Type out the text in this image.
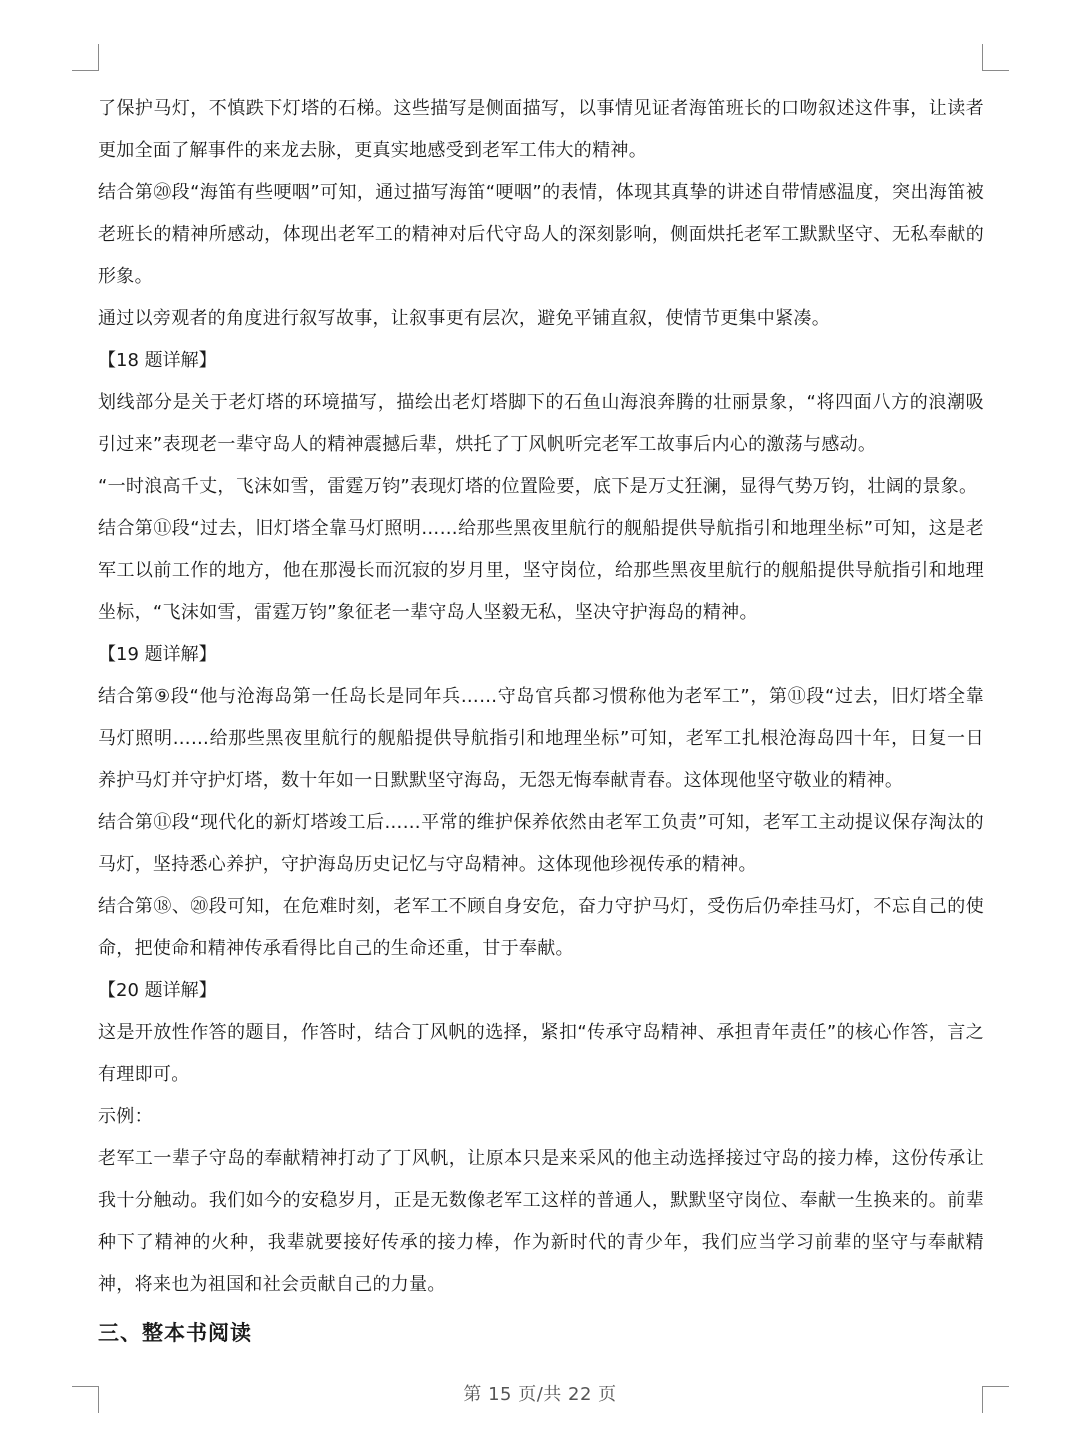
了保护马灯，不慎跌下灯塔的石梯。这些描写是侧面描写，以事情见证者海笛班长的口吻叙述这件事，让读者更加全面了解事件的来龙去脉，更真实地感受到老军工伟大的精神。

结合第⑳段“海笛有些哽咽”可知，通过描写海笛“哽咽”的表情，体现其真挚的讲述自带情感温度，突出海笛被老班长的精神所感动，体现出老军工的精神对后代守岛人的深刻影响，侧面烘托老军工默默坚守、无私奉献的形象。

通过以旁观者的角度进行叙写故事，让叙事更有层次，避免平铺直叙，使情节更集中紧凑。

【18 题详解】

划线部分是关于老灯塔的环境描写，描绘出老灯塔脚下的石鱼山海浪奔腾的壮丽景象，“将四面八方的浪潮吸引过来”表现老一辈守岛人的精神震撼后辈，烘托了丁风帆听完老军工故事后内心的激荡与感动。

“一时浪高千丈，飞沫如雪，雷霆万钧”表现灯塔的位置险要，底下是万丈狂澜，显得气势万钧，壮阔的景象。

结合第⑪段“过去，旧灯塔全靠马灯照明……给那些黑夜里航行的舰船提供导航指引和地理坐标”可知，这是老军工以前工作的地方，他在那漫长而沉寂的岁月里，坚守岗位，给那些黑夜里航行的舰船提供导航指引和地理坐标，“飞沫如雪，雷霆万钧”象征老一辈守岛人坚毅无私，坚决守护海岛的精神。

【19 题详解】

结合第⑨段“他与沧海岛第一任岛长是同年兵……守岛官兵都习惯称他为老军工”，第⑪段“过去，旧灯塔全靠马灯照明……给那些黑夜里航行的舰船提供导航指引和地理坐标”可知，老军工扎根沧海岛四十年，日复一日养护马灯并守护灯塔，数十年如一日默默坚守海岛，无怨无悔奉献青春。这体现他坚守敬业的精神。

结合第⑪段“现代化的新灯塔竣工后……平常的维护保养依然由老军工负责”可知，老军工主动提议保存淘汰的马灯，坚持悉心养护，守护海岛历史记忆与守岛精神。这体现他珍视传承的精神。

结合第⑱、⑳段可知，在危难时刻，老军工不顾自身安危，奋力守护马灯，受伤后仍牵挂马灯，不忘自己的使命，把使命和精神传承看得比自己的生命还重，甘于奉献。

【20 题详解】

这是开放性作答的题目，作答时，结合丁风帆的选择，紧扣“传承守岛精神、承担青年责任”的核心作答，言之有理即可。

示例：

老军工一辈子守岛的奉献精神打动了丁风帆，让原本只是来采风的他主动选择接过守岛的接力棒，这份传承让我十分触动。我们如今的安稳岁月，正是无数像老军工这样的普通人，默默坚守岗位、奉献一生换来的。前辈种下了精神的火种，我辈就要接好传承的接力棒，作为新时代的青少年，我们应当学习前辈的坚守与奉献精神，将来也为祖国和社会贡献自己的力量。

三、整本书阅读

第 15 页/共 22 页
